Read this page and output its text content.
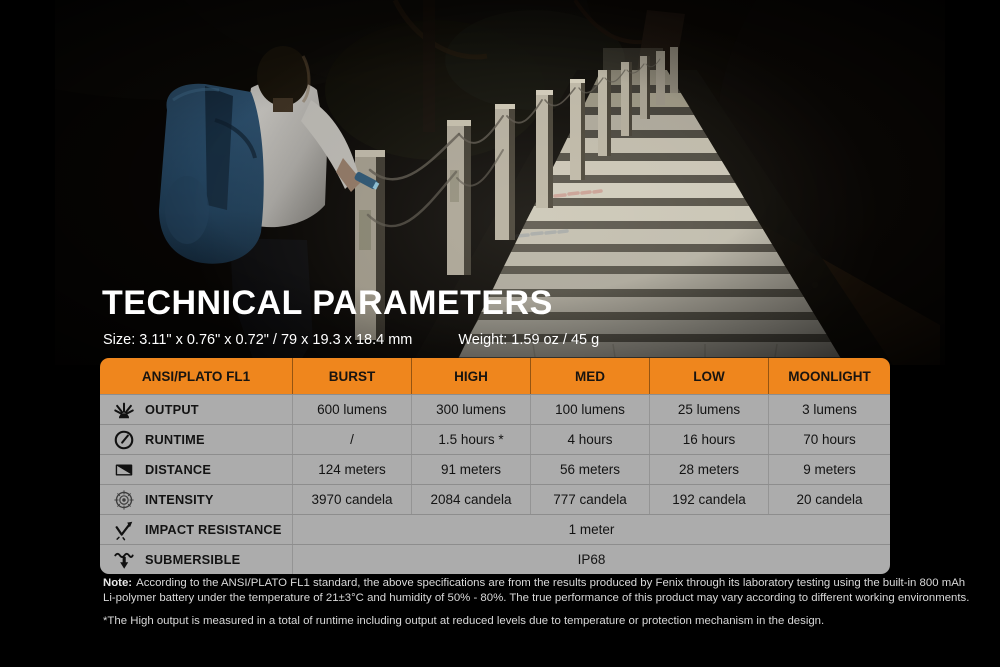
TECHNICAL PARAMETERS
Size: 3.11" x 0.76" x 0.72" / 79 x 19.3 x 18.4 mm	Weight: 1.59 oz / 45 g
ANSI/PLATO FL1	BURST	HIGH	MED	LOW	MOONLIGHT
OUTPUT	600 lumens	300 lumens	100 lumens	25 lumens	3 lumens
RUNTIME	/	1.5 hours *	4 hours	16 hours	70 hours
DISTANCE	124 meters	91 meters	56 meters	28 meters	9 meters
INTENSITY	3970 candela	2084 candela	777 candela	192 candela	20 candela
IMPACT RESISTANCE	1 meter
SUBMERSIBLE	IP68
Note: According to the ANSI/PLATO FL1 standard, the above specifications are from the results produced by Fenix through its laboratory testing using the built-in 800 mAh
Li-polymer battery under the temperature of 21±3°C and humidity of 50% - 80%. The true performance of this product may vary according to different working environments.
*The High output is measured in a total of runtime including output at reduced levels due to temperature or protection mechanism in the design.
